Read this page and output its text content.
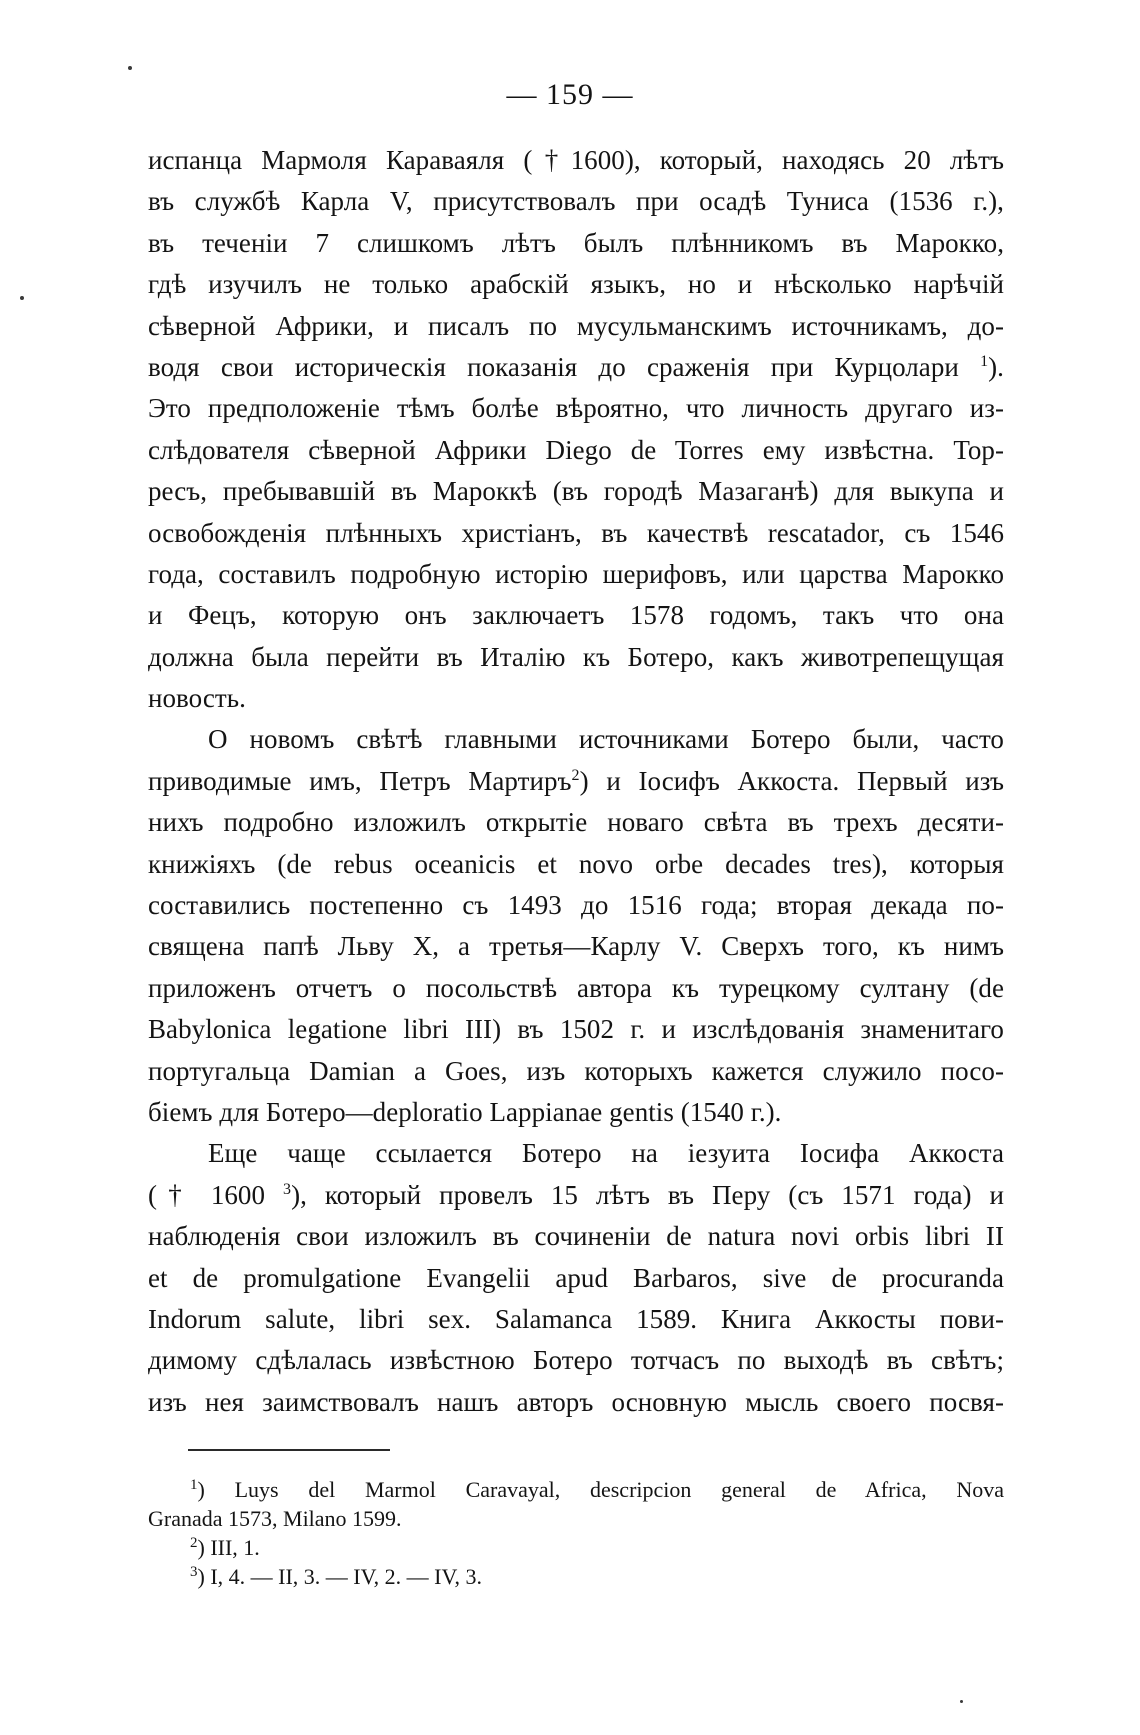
— 159 —
испанца Мармоля Караваяля (†1600), который, находясь 20 лѣтъ
въ службѣ Карла V, присутствовалъ при осадѣ Туниса (1536 г.),
въ теченіи 7 слишкомъ лѣтъ былъ плѣнникомъ въ Марокко,
гдѣ изучилъ не только арабскій языкъ, но и нѣсколько нарѣчій
сѣверной Африки, и писалъ по мусульманскимъ источникамъ, до-
водя свои историческія показанія до сраженія при Курцолари $^1$).
Это предположеніе тѣмъ болѣе вѣроятно, что личность другаго из-
слѣдователя сѣверной Африки Diego de Torres ему извѣстна. Тор-
ресъ, пребывавшій въ Мароккѣ (въ городѣ Мазаганѣ) для выкупа и
освобожденія плѣнныхъ христіанъ, въ качествѣ rescatador, съ 1546
года, составилъ подробную исторію шерифовъ, или царства Марокко
и Фецъ, которую онъ заключаетъ 1578 годомъ, такъ что она
должна была перейти въ Италію къ Ботеро, какъ животрепещущая
новость.
О новомъ свѣтѣ главными источниками Ботеро были, часто
приводимые имъ, Петръ Мартиръ$^2$) и Іосифъ Аккоста. Первый изъ
нихъ подробно изложилъ открытіе новаго свѣта въ трехъ десяти-
книжіяхъ (de rebus oceanicis et novo orbe decades tres), которыя
составились постепенно съ 1493 до 1516 года; вторая декада по-
священа папѣ Льву X, а третья—Карлу V. Сверхъ того, къ нимъ
приложенъ отчетъ о посольствѣ автора къ турецкому султану (de
Babylonica legatione libri III) въ 1502 г. и изслѣдованія знаменитаго
португальца Damian a Goes, изъ которыхъ кажется служило посо-
біемъ для Ботеро—deploratio Lappianae gentis (1540 г.).
Еще чаще ссылается Ботеро на іезуита Іосифа Аккоста
(† 1600 $^3$), который провелъ 15 лѣтъ въ Перу (съ 1571 года) и
наблюденія свои изложилъ въ сочиненіи de natura novi orbis libri II
et de promulgatione Evangelii apud Barbaros, sive de procuranda
Indorum salute, libri sex. Salamanca 1589. Книга Аккосты пови-
димому сдѣлалась извѣстною Ботеро тотчасъ по выходѣ въ свѣтъ;
изъ нея заимствовалъ нашъ авторъ основную мысль своего посвя-
$^1$) Luys del Marmol Caravayal, descripcion general de Africa, Nova
Granada 1573, Milano 1599.
$^2$) III, 1.
$^3$) I, 4. — II, 3. — IV, 2. — IV, 3.
